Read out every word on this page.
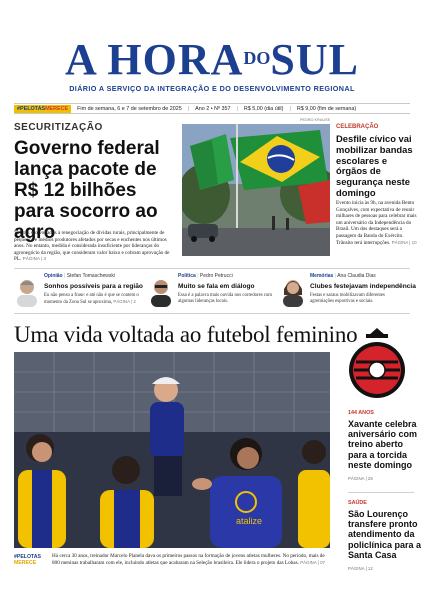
A $HORA^{DO}SUL$
DIÁRIO A SERVIÇO DA INTEGRAÇÃO E DO DESENVOLVIMENTO REGIONAL
#PELOTASMERECE	Fim de semana, 6 e 7 de setembro de 2025 | Ano 2 • Nº 357 | R$ 5,00 (dia útil) | R$ 9,00 (fim de semana)
SECURITIZAÇÃO
Governo federal lança pacote de R$ 12 bilhões para socorro ao agro
Valores são voltados à renegociação de dívidas rurais, principalmente de pequenos e médios produtores afetados por secas e enchentes nos últimos anos. No entanto, medida é considerada insuficiente por lideranças do agronegócio da região, que consideram valor baixo e cobram aprovação de PL. PÁGINA | 3
PEDRO KRAUSE
CELEBRAÇÃO
Desfile cívico vai mobilizar bandas escolares e órgãos de segurança neste domingo
Evento inicia às 9h, na avenida Bento Gonçalves, com expectativa de reunir milhares de pessoas para celebrar mais um aniversário da Independência do Brasil. Um dos destaques será a passagem da Banda do Exército. Trânsito terá interrupções. PÁGINA | 10
Opinião | Stefan Tomaschewski
Sonhos possíveis para a região
Eu não penso a frase: e até não é que se contem o momento da Zona Sul se aproxima, PÁGINA | 2
Política | Pedro Petrucci
Muito se fala em diálogo
Essa é a palavra mais ouvida nos corredores com algumas lideranças locais.
Memórias | Ana Claudia Dias
Clubes festejavam independência
Festas e saraus mobilizavam diferentes agremiações esportivas e sociais.
Uma vida voltada ao futebol feminino
atalize
#PELOTAS
MERECE
Há cerca 30 anos, treinador Marcelo Planela dava os primeiros passos na formação de jovens atletas mulheres. No período, mais de 800 meninas trabalharam com ele, incluindo atletas que acabaram na Seleção brasileira. Ele lidera o projeto das Lobas. PÁGINA | 07
144 ANOS
Xavante celebra aniversário com treino aberto para a torcida neste domingo
PÁGINA | 28
SAÚDE
São Lourenço transfere pronto atendimento da policlínica para a Santa Casa
PÁGINA | 12
